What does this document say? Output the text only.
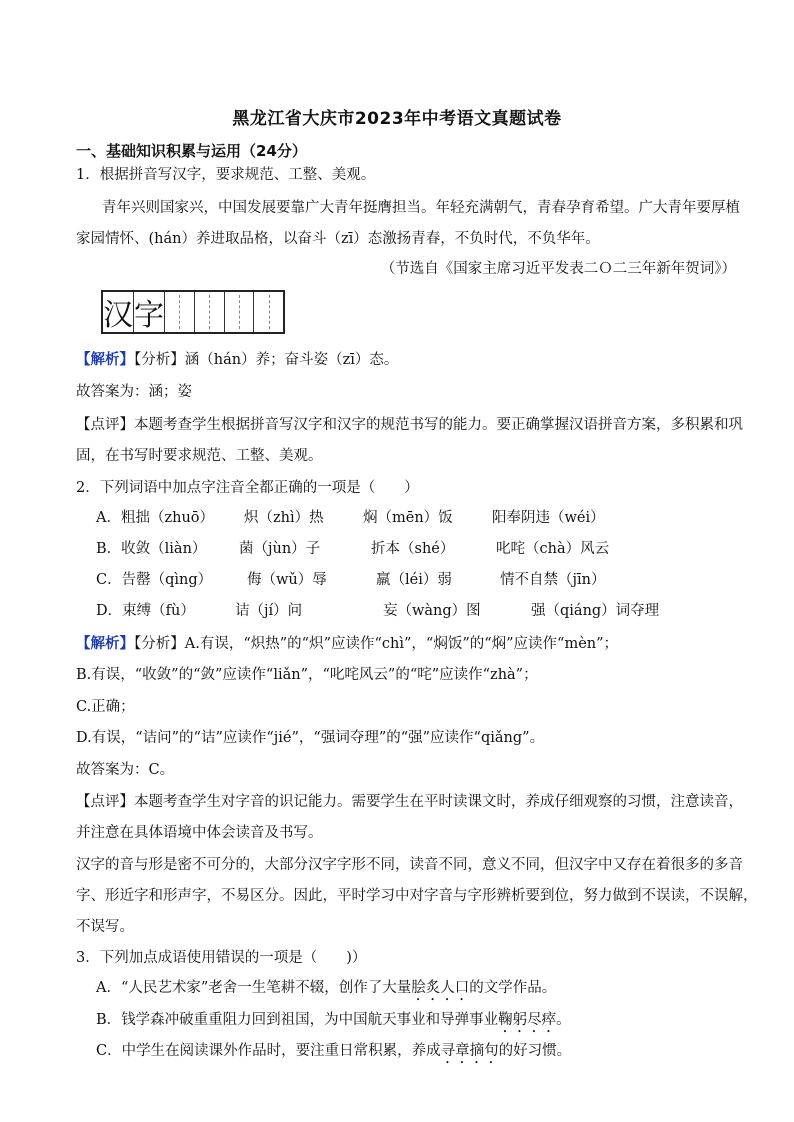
黑龙江省大庆市2023年中考语文真题试卷
一、基础知识积累与运用（24分）
1．根据拼音写汉字，要求规范、工整、美观。
青年兴则国家兴，中国发展要靠广大青年挺膺担当。年轻充满朝气，青春孕育希望。广大青年要厚植
家园情怀、(hán）养进取品格，以奋斗（zī）态激扬青春，不负时代，不负华年。
（节选自《国家主席习近平发表二Ｏ二三年新年贺词》）
汉 字
【解析】【分析】涵（hán）养；奋斗姿（zī）态。
故答案为：涵；姿
【点评】本题考查学生根据拼音写汉字和汉字的规范书写的能力。要正确掌握汉语拼音方案，多积累和巩
固，在书写时要求规范、工整、美观。
2．下列词语中加点字注音全都正确的一项是（　　）
A．粗拙（zhuō） 炽（zhì）热	焖（mēn）饭	阳奉阴违（wéi）
B．收敛（liàn） 菌（jùn）子	折本（shé）	叱咤（chà）风云
C．告罄（qìng） 侮（wǔ）辱	羸（léi）弱	情不自禁（jīn）
D．束缚（fù）	诘（jí）问	妄（wàng）图	强（qiáng）词夺理
【解析】【分析】A.有误，“炽热”的“炽”应读作“chì”，“焖饭”的“焖”应读作“mèn”；
B.有误，“收敛”的“敛”应读作“liǎn”，“叱咤风云”的“咤”应读作“zhà”；
C.正确；
D.有误，“诘问”的“诘”应读作“jié”，“强词夺理”的“强”应读作“qiǎng”。
故答案为：C。
【点评】本题考查学生对字音的识记能力。需要学生在平时读课文时，养成仔细观察的习惯，注意读音，
并注意在具体语境中体会读音及书写。
汉字的音与形是密不可分的，大部分汉字字形不同，读音不同，意义不同，但汉字中又存在着很多的多音
字、形近字和形声字，不易区分。因此，平时学习中对字音与字形辨析要到位，努力做到不误读，不误解，
不误写。
3．下列加点成语使用错误的一项是（　　)）
A．“人民艺术家”老舍一生笔耕不辍，创作了大量脍炙人口的文学作品。
B．钱学森冲破重重阻力回到祖国，为中国航天事业和导弹事业鞠躬尽瘁。
C．中学生在阅读课外作品时，要注重日常积累，养成寻章摘句的好习惯。
